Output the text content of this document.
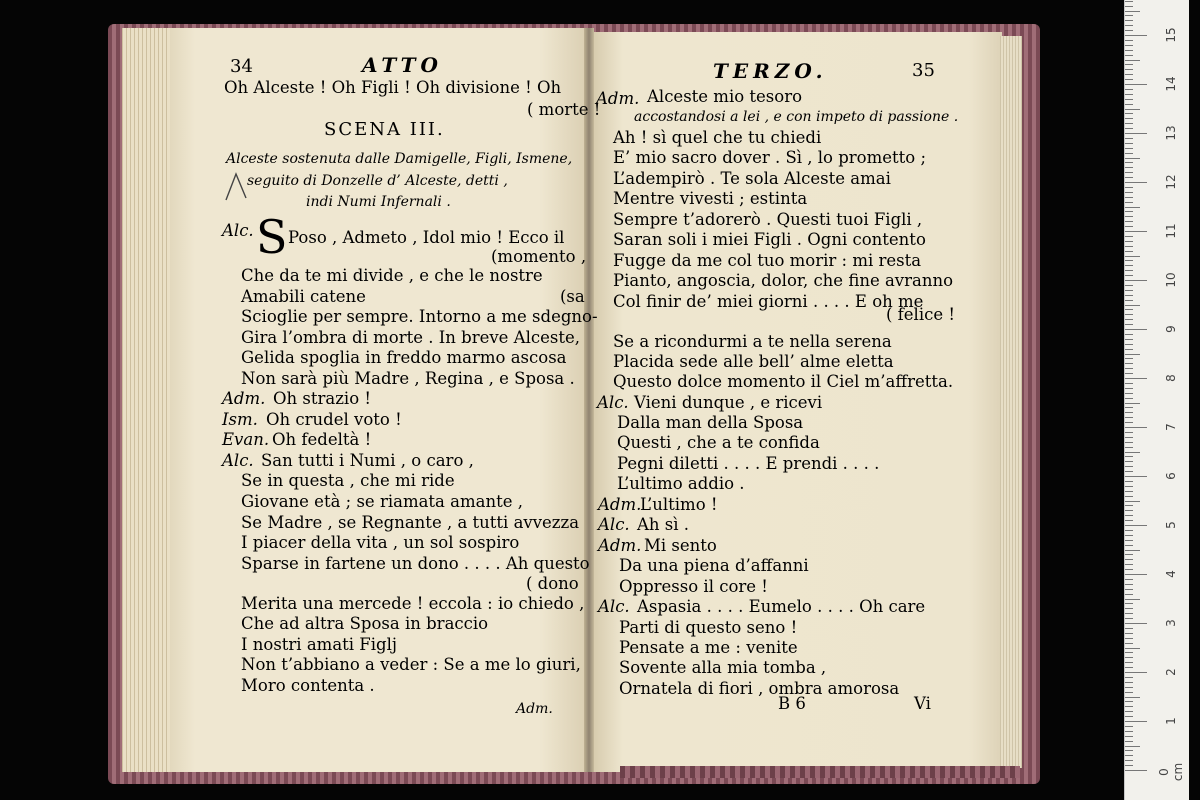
34	ATTO
Oh Alceste ! Oh Figli ! Oh divisione ! Oh
( morte !
SCENA III.
Alceste sostenuta dalle Damigelle, Figli, Ismene,
seguito di Donzelle d’ Alceste, detti ,
indi Numi Infernali .
Alc. S Poso , Admeto , Idol mio ! Ecco il
(momento ,
Che da te mi divide , e che le nostre
Amabili catene	(sa
Scioglie per sempre. Intorno a me sdegno-
Gira l’ombra di morte . In breve Alceste,
Gelida spoglia in freddo marmo ascosa
Non sarà più Madre , Regina , e Sposa .
Adm. Oh strazio !
Ism. Oh crudel voto !
Evan. Oh fedeltà !
Alc. San tutti i Numi , o caro ,
Se in questa , che mi ride
Giovane età ; se riamata amante ,
Se Madre , se Regnante , a tutti avvezza
I piacer della vita , un sol sospiro
Sparse in fartene un dono . . . . Ah questo
( dono
Merita una mercede ! eccola : io chiedo ,
Che ad altra Sposa in braccio
I nostri amati Figlj
Non t’abbiano a veder : Se a me lo giuri,
Moro contenta .
Adm.
TERZO.	35
Adm. Alceste mio tesoro
accostandosi a lei , e con impeto di passione .
Ah ! sì quel che tu chiedi
E’ mio sacro dover . Sì , lo prometto ;
L’adempirò . Te sola Alceste amai
Mentre vivesti ; estinta
Sempre t’adorerò . Questi tuoi Figli ,
Saran soli i miei Figli . Ogni contento
Fugge da me col tuo morir : mi resta
Pianto, angoscia, dolor, che fine avranno
Col finir de’ miei giorni . . . . E oh me
( felice !
Se a ricondurmi a te nella serena
Placida sede alle bell’ alme eletta
Questo dolce momento il Ciel m’affretta.
Alc. Vieni dunque , e ricevi
Dalla man della Sposa
Questi , che a te confida
Pegni diletti . . . . E prendi . . . .
L’ultimo addio .
Adm.
L’ultimo !
Alc. Ah sì .
Adm. Mi sento
Da una piena d’affanni
Oppresso il core !
Alc. Aspasia . . . . Eumelo . . . . Oh care
Parti di questo seno !
Pensate a me : venite
Sovente alla mia tomba ,
Ornatela di fiori , ombra amorosa
B 6	Vi
0 cm
1
2
3
4
5
6
7
8
9
10
11
12
13
14
15
